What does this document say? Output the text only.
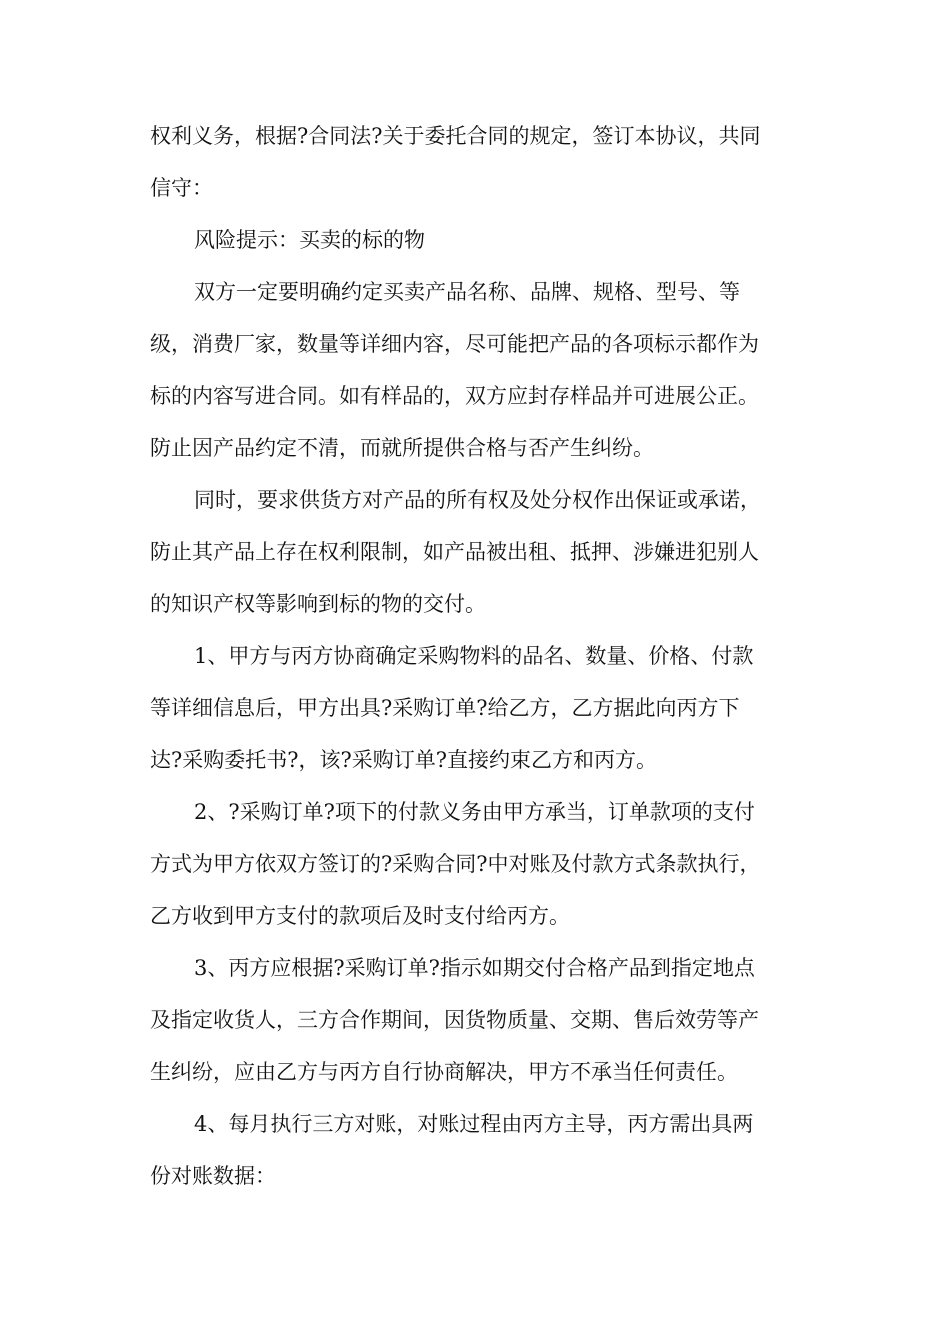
权利义务，根据?合同法?关于委托合同的规定，签订本协议，共同
信守：
风险提示：买卖的标的物
双方一定要明确约定买卖产品名称、品牌、规格、型号、等
级，消费厂家，数量等详细内容，尽可能把产品的各项标示都作为
标的内容写进合同。如有样品的，双方应封存样品并可进展公正。
防止因产品约定不清，而就所提供合格与否产生纠纷。
同时，要求供货方对产品的所有权及处分权作出保证或承诺，
防止其产品上存在权利限制，如产品被出租、抵押、涉嫌进犯别人
的知识产权等影响到标的物的交付。
1、甲方与丙方协商确定采购物料的品名、数量、价格、付款
等详细信息后，甲方出具?采购订单?给乙方，乙方据此向丙方下
达?采购委托书?，该?采购订单?直接约束乙方和丙方。
2、?采购订单?项下的付款义务由甲方承当，订单款项的支付
方式为甲方依双方签订的?采购合同?中对账及付款方式条款执行，
乙方收到甲方支付的款项后及时支付给丙方。
3、丙方应根据?采购订单?指示如期交付合格产品到指定地点
及指定收货人，三方合作期间，因货物质量、交期、售后效劳等产
生纠纷，应由乙方与丙方自行协商解决，甲方不承当任何责任。
4、每月执行三方对账，对账过程由丙方主导，丙方需出具两
份对账数据：
